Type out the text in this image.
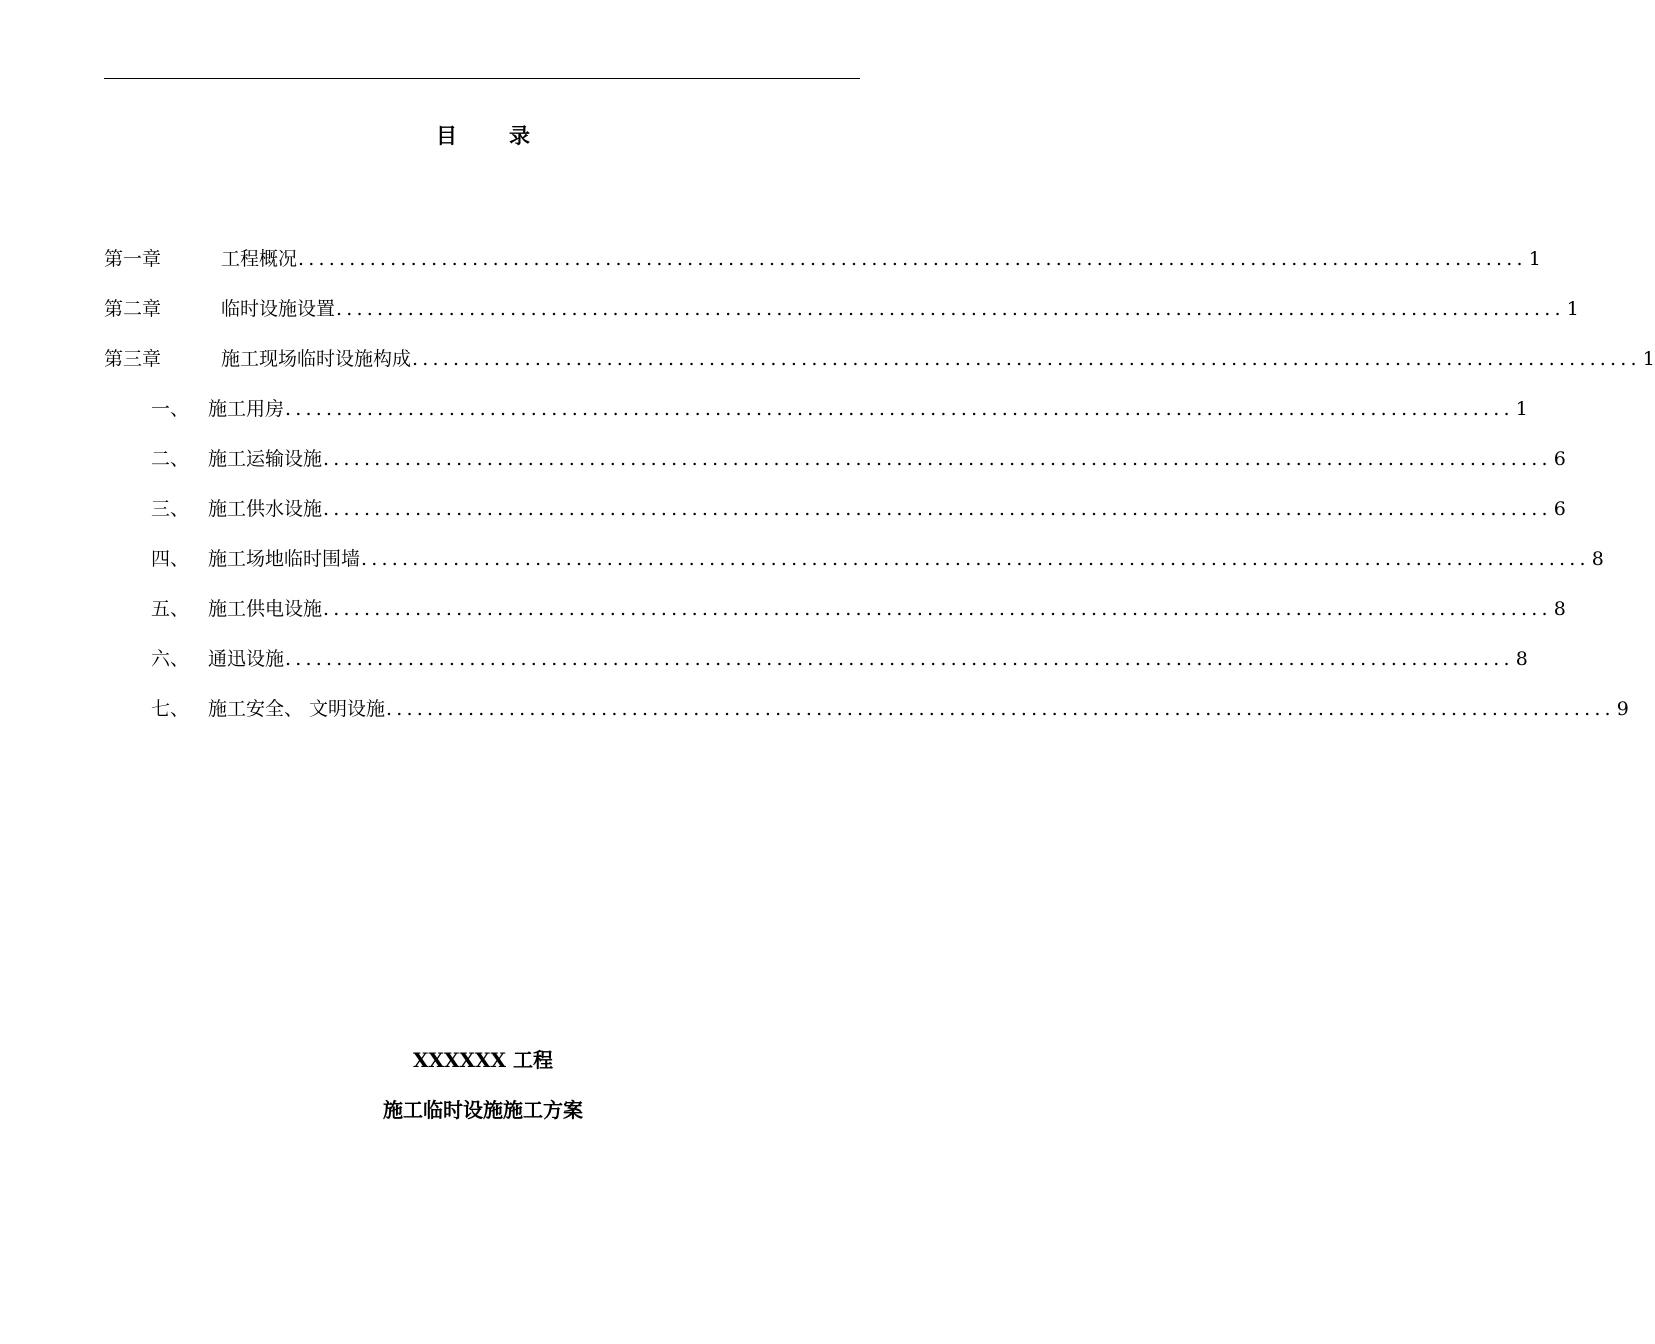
目 录
第一章	工程概况 ........................................................................................................................ 1
第二章	临时设施设置 ........................................................................................................................ 1
第三章	施工现场临时设施构成 ........................................................................................................................ 1
一、 施工用房 ........................................................................................................................ 1
二、 施工运输设施 ........................................................................................................................ 6
三、 施工供水设施 ........................................................................................................................ 6
四、 施工场地临时围墙 ........................................................................................................................ 8
五、 施工供电设施 ........................................................................................................................ 8
六、 通迅设施 ........................................................................................................................ 8
七、 施工安全、 文明设施 ........................................................................................................................ 9
XXXXXX 工程
施工临时设施施工方案
